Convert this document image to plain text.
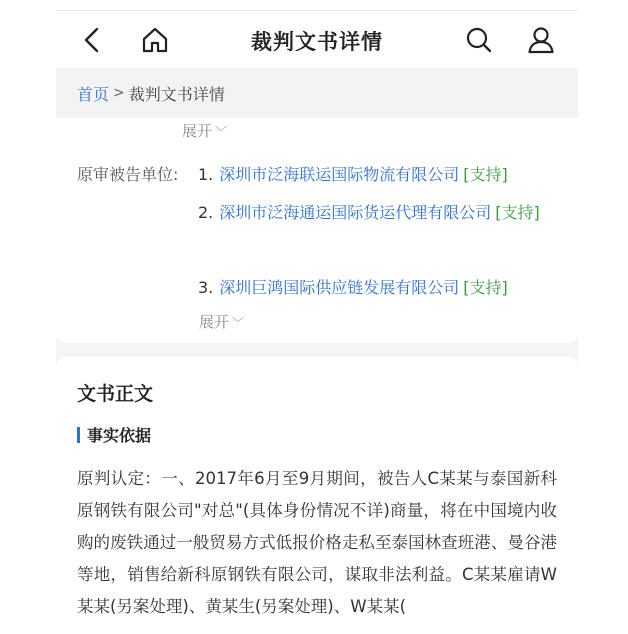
裁判文书详情
首页 > 裁判文书详情
展开 ﹀
原审被告单位: 1. 深圳市泛海联运国际物流有限公司 [支持]
2. 深圳市泛海通运国际货运代理有限公司 [支持]
3. 深圳巨鸿国际供应链发展有限公司 [支持]
展开 ﹀
文书正文
事实依据
原判认定：一、2017年6月至9月期间，被告人C某某与泰国新科原钢铁有限公司"对总"(具体身份情况不详)商量，将在中国境内收购的废铁通过一般贸易方式低报价格走私至泰国林查班港、曼谷港等地，销售给新科原钢铁有限公司，谋取非法利益。C某某雇请W某某(另案处理)、黄某生(另案处理)、W某某(
